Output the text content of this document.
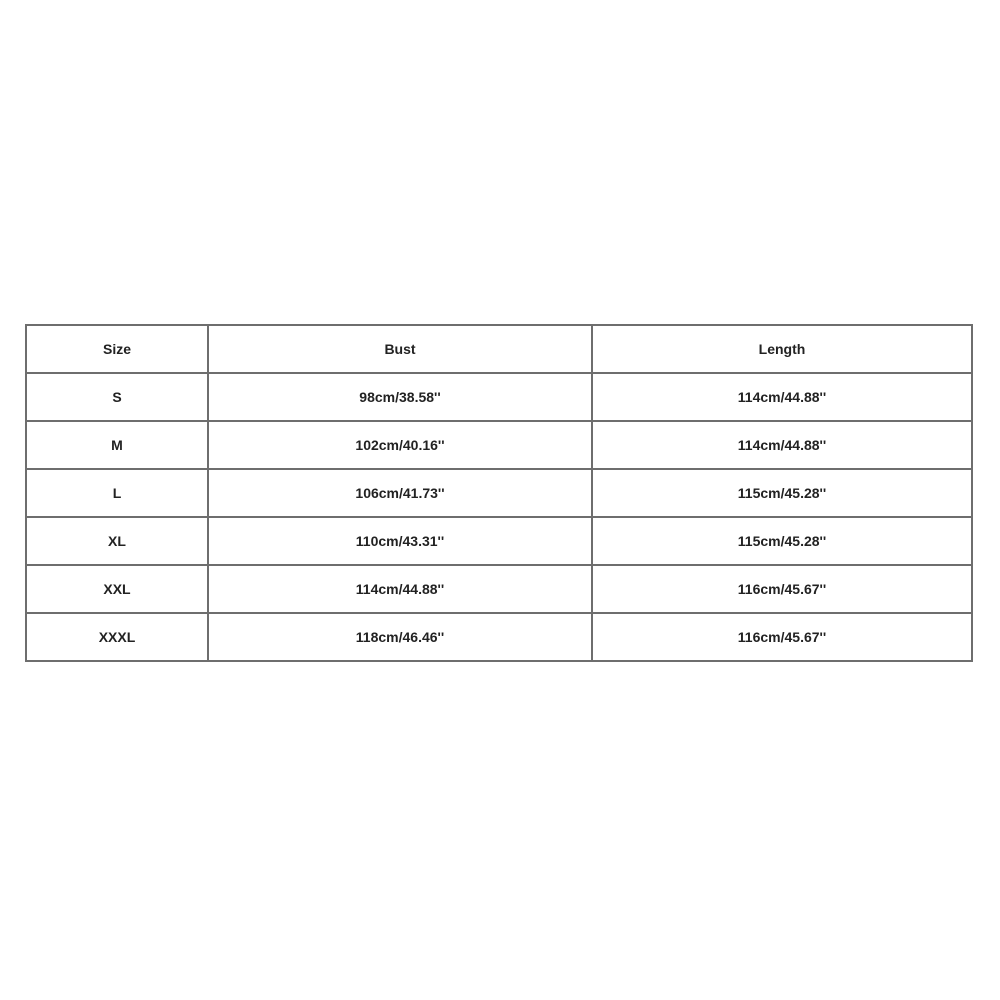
Size	Bust	Length
S	98cm/38.58''	114cm/44.88''
M	102cm/40.16''	114cm/44.88''
L	106cm/41.73''	115cm/45.28''
XL	110cm/43.31''	115cm/45.28''
XXL	114cm/44.88''	116cm/45.67''
XXXL	118cm/46.46''	116cm/45.67''
